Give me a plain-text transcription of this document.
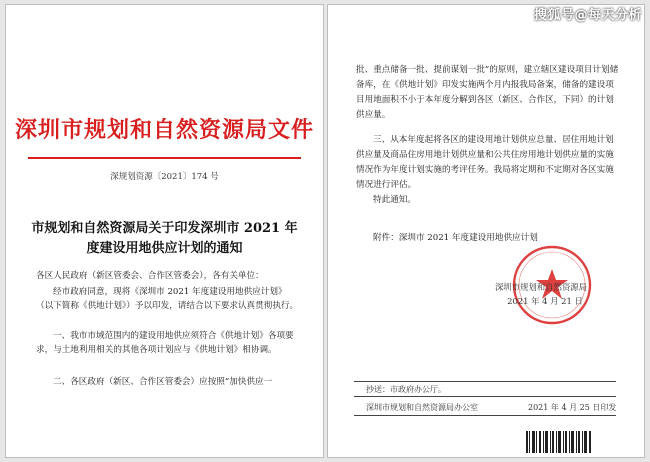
搜狐号@每天分析
深圳市规划和自然资源局文件
深规划资源〔2021〕174 号
市规划和自然资源局关于印发深圳市 2021 年度建设用地供应计划的通知
各区人民政府（新区管委会、合作区管委会），各有关单位：
经市政府同意，现将《深圳市 2021 年度建设用地供应计划》（以下简称《供地计划》）予以印发，请结合以下要求认真贯彻执行。
一、我市市域范围内的建设用地供应须符合《供地计划》各项要求，与土地利用相关的其他各项计划应与《供地计划》相协调。
二、各区政府（新区、合作区管委会）应按照“加快供应一
批、重点储备一批、提前谋划一批”的原则，建立辖区建设项目计划储备库，在《供地计划》印发实施两个月内报我局备案，储备的建设项目用地面积不小于本年度分解到各区（新区、合作区，下同）的计划供应量。
三、从本年度起将各区的建设用地计划供应总量、居住用地计划供应量及商品住房用地计划供应量和公共住房用地计划供应量的实施情况作为年度计划实施的考评任务。我局将定期和不定期对各区实施情况进行评估。
特此通知。
附件：深圳市 2021 年度建设用地供应计划
深圳市规划和自然资源局
2021 年 4 月 21 日
抄送：市政府办公厅。
深圳市规划和自然资源局办公室	2021 年 4 月 25 日印发
